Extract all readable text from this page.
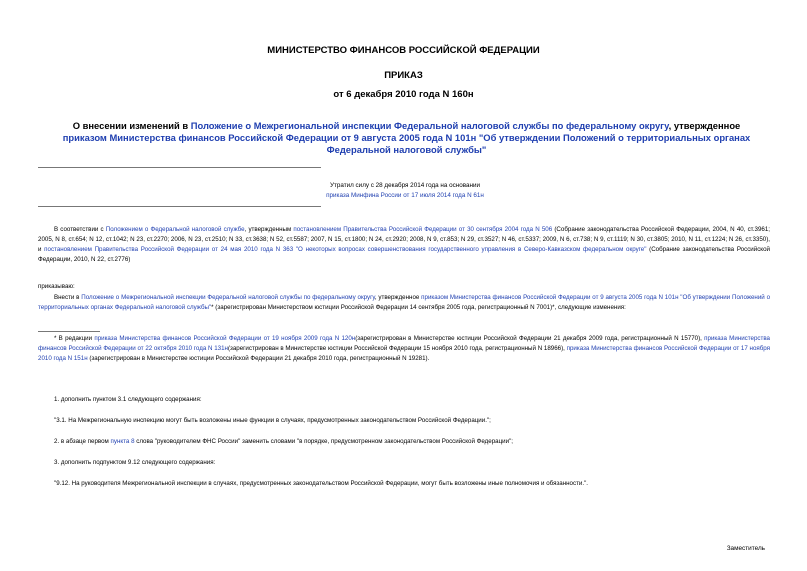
МИНИСТЕРСТВО ФИНАНСОВ РОССИЙСКОЙ ФЕДЕРАЦИИ
ПРИКАЗ
от 6 декабря 2010 года N 160н
О внесении изменений в Положение о Межрегиональной инспекции Федеральной налоговой службы по федеральному округу, утвержденное приказом Министерства финансов Российской Федерации от 9 августа 2005 года N 101н "Об утверждении Положений о территориальных органах Федеральной налоговой службы"
Утратил силу с 28 декабря 2014 года на основании
приказа Минфина России от 17 июля 2014 года N 61н
В соответствии с Положением о Федеральной налоговой службе, утвержденным постановлением Правительства Российской Федерации от 30 сентября 2004 года N 506 (Собрание законодательства Российской Федерации, 2004, N 40, ст.3961; 2005, N 8, ст.654; N 12, ст.1042; N 23, ст.2270; 2006, N 23, ст.2510; N 33, ст.3638; N 52, ст.5587; 2007, N 15, ст.1800; N 24, ст.2920; 2008, N 9, ст.853; N 29, ст.3527; N 46, ст.5337; 2009, N 6, ст.738; N 9, ст.1119; N 30, ст.3805; 2010, N 11, ст.1224; N 26, ст.3350), и постановлением Правительства Российской Федерации от 24 мая 2010 года N 363 "О некоторых вопросах совершенствования государственного управления в Северо-Кавказском федеральном округе" (Собрание законодательства Российской Федерации, 2010, N 22, ст.2776)
приказываю:
Внести в Положение о Межрегиональной инспекции Федеральной налоговой службы по федеральному округу, утвержденное приказом Министерства финансов Российской Федерации от 9 августа 2005 года N 101н "Об утверждении Положений о территориальных органах Федеральной налоговой службы"* (зарегистрирован Министерством юстиции Российской Федерации 14 сентября 2005 года, регистрационный N 7001)*, следующие изменения:
* В редакции приказа Министерства финансов Российской Федерации от 19 ноября 2009 года N 120н(зарегистрирован в Министерстве юстиции Российской Федерации 21 декабря 2009 года, регистрационный N 15770), приказа Министерства финансов Российской Федерации от 22 октября 2010 года N 131н(зарегистрирован в Министерстве юстиции Российской Федерации 15 ноября 2010 года, регистрационный N 18966), приказа Министерства финансов Российской Федерации от 17 ноября 2010 года N 151н (зарегистрирован в Министерстве юстиции Российской Федерации 21 декабря 2010 года, регистрационный N 19281).
1. дополнить пунктом 3.1 следующего содержания:
"3.1. На Межрегиональную инспекцию могут быть возложены иные функции в случаях, предусмотренных законодательством Российской Федерации.";
2. в абзаце первом пункта 8 слова "руководителем ФНС России" заменить словами "в порядке, предусмотренном законодательством Российской Федерации";
3. дополнить подпунктом 9.12 следующего содержания:
"9.12. На руководителя Межрегиональной инспекции в случаях, предусмотренных законодательством Российской Федерации, могут быть возложены иные полномочия и обязанности.".
Заместитель
